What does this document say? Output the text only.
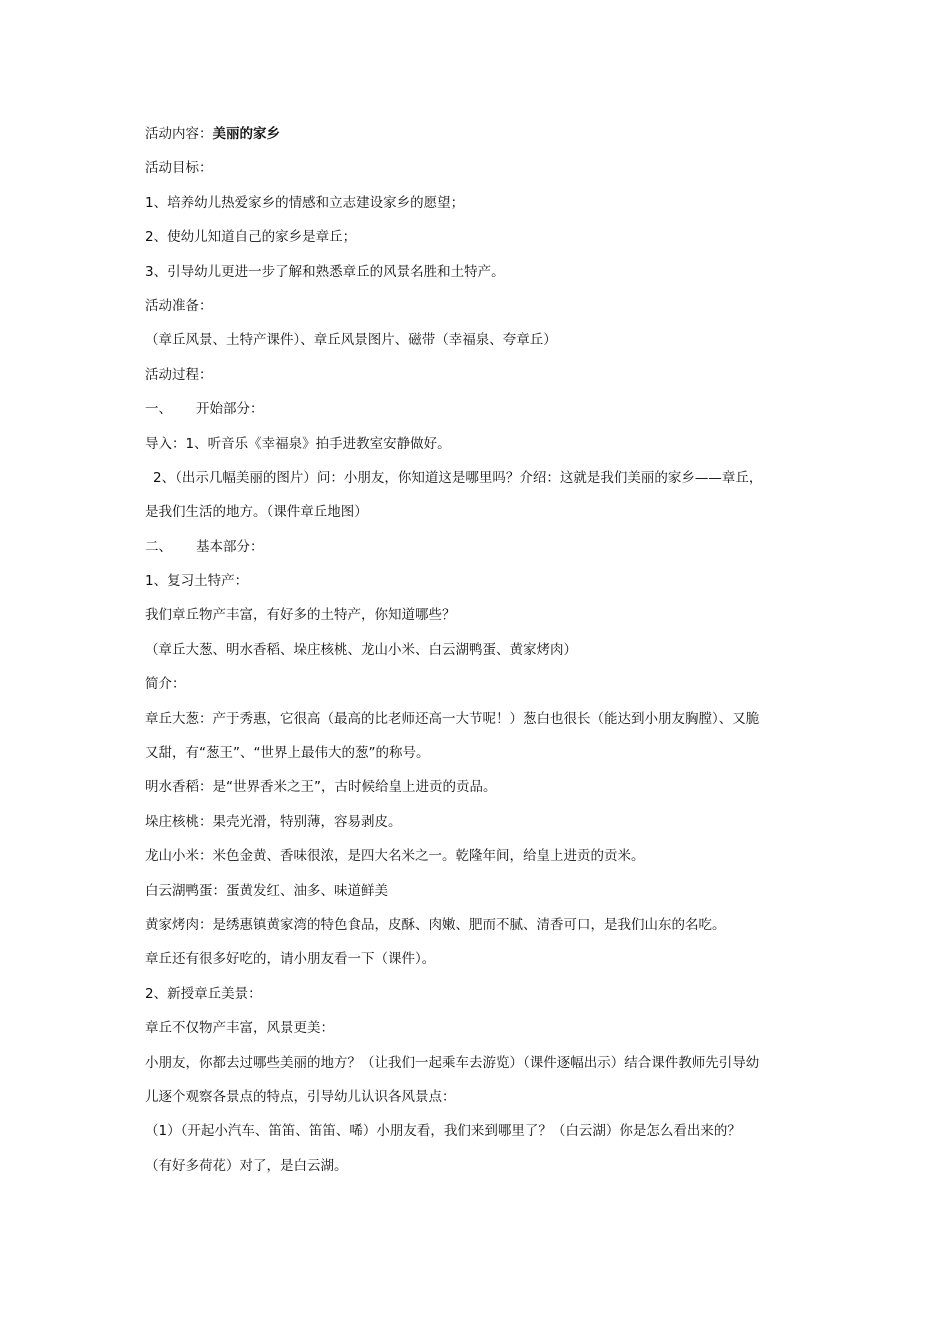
活动内容：美丽的家乡
活动目标：
1、培养幼儿热爱家乡的情感和立志建设家乡的愿望；
2、使幼儿知道自己的家乡是章丘；
3、引导幼儿更进一步了解和熟悉章丘的风景名胜和土特产。
活动准备：
（章丘风景、土特产课件）、章丘风景图片、磁带（幸福泉、夸章丘）
活动过程：
一、 开始部分：
导入：1、听音乐《幸福泉》拍手进教室安静做好。
2、（出示几幅美丽的图片）问：小朋友，你知道这是哪里吗？介绍：这就是我们美丽的家乡——章丘，
是我们生活的地方。（课件章丘地图）
二、 基本部分：
1、复习土特产：
我们章丘物产丰富，有好多的土特产，你知道哪些？
（章丘大葱、明水香稻、垛庄核桃、龙山小米、白云湖鸭蛋、黄家烤肉）
简介：
章丘大葱：产于秀惠，它很高（最高的比老师还高一大节呢！）葱白也很长（能达到小朋友胸膛）、又脆
又甜，有“葱王”、“世界上最伟大的葱”的称号。
明水香稻：是“世界香米之王”，古时候给皇上进贡的贡品。
垛庄核桃：果壳光滑，特别薄，容易剥皮。
龙山小米：米色金黄、香味很浓，是四大名米之一。乾隆年间，给皇上进贡的贡米。
白云湖鸭蛋：蛋黄发红、油多、味道鲜美
黄家烤肉：是绣惠镇黄家湾的特色食品，皮酥、肉嫩、肥而不腻、清香可口，是我们山东的名吃。
章丘还有很多好吃的，请小朋友看一下（课件）。
2、新授章丘美景：
章丘不仅物产丰富，风景更美：
小朋友，你都去过哪些美丽的地方？（让我们一起乘车去游览）（课件逐幅出示）结合课件教师先引导幼
儿逐个观察各景点的特点，引导幼儿认识各风景点：
（1）（开起小汽车、笛笛、笛笛、唏）小朋友看，我们来到哪里了？（白云湖）你是怎么看出来的？
（有好多荷花）对了，是白云湖。
